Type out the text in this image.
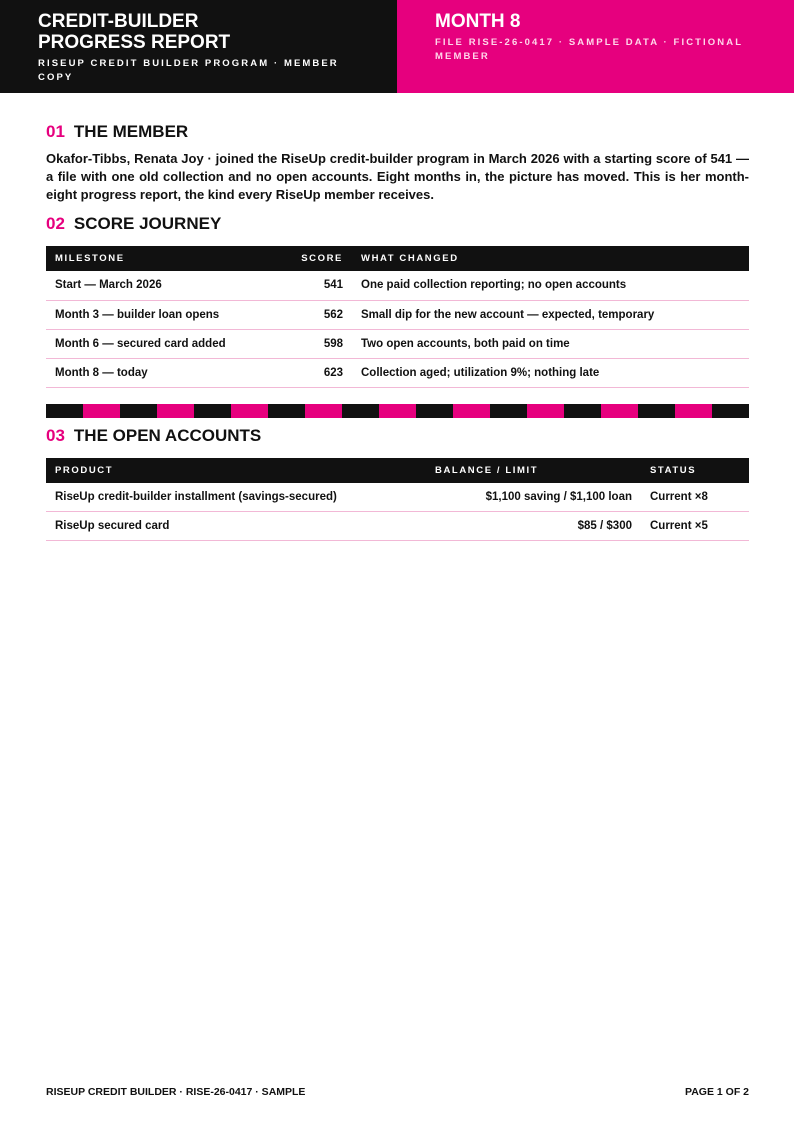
CREDIT-BUILDER
PROGRESS REPORT
RISEUP CREDIT BUILDER PROGRAM · MEMBER COPY
MONTH 8
FILE RISE-26-0417 · SAMPLE DATA · FICTIONAL MEMBER
01 THE MEMBER

Okafor-Tibbs, Renata Joy · joined the RiseUp credit-builder program in March 2026 with a starting score of 541 — a file with one old collection and no open accounts. Eight months in, the picture has moved. This is her month-eight progress report, the kind every RiseUp member receives.

02 SCORE JOURNEY
MILESTONE	SCORE	WHAT CHANGED
Start — March 2026	541	One paid collection reporting; no open accounts
Month 3 — builder loan opens	562	Small dip for the new account — expected, temporary
Month 6 — secured card added	598	Two open accounts, both paid on time
Month 8 — today	623	Collection aged; utilization 9%; nothing late
03 THE OPEN ACCOUNTS
PRODUCT	BALANCE / LIMIT	STATUS
RiseUp credit-builder installment (savings-secured)	$1,100 saving / $1,100 loan	Current ×8
RiseUp secured card	$85 / $300	Current ×5
RISEUP CREDIT BUILDER · RISE-26-0417 · SAMPLE	PAGE 1 OF 2
